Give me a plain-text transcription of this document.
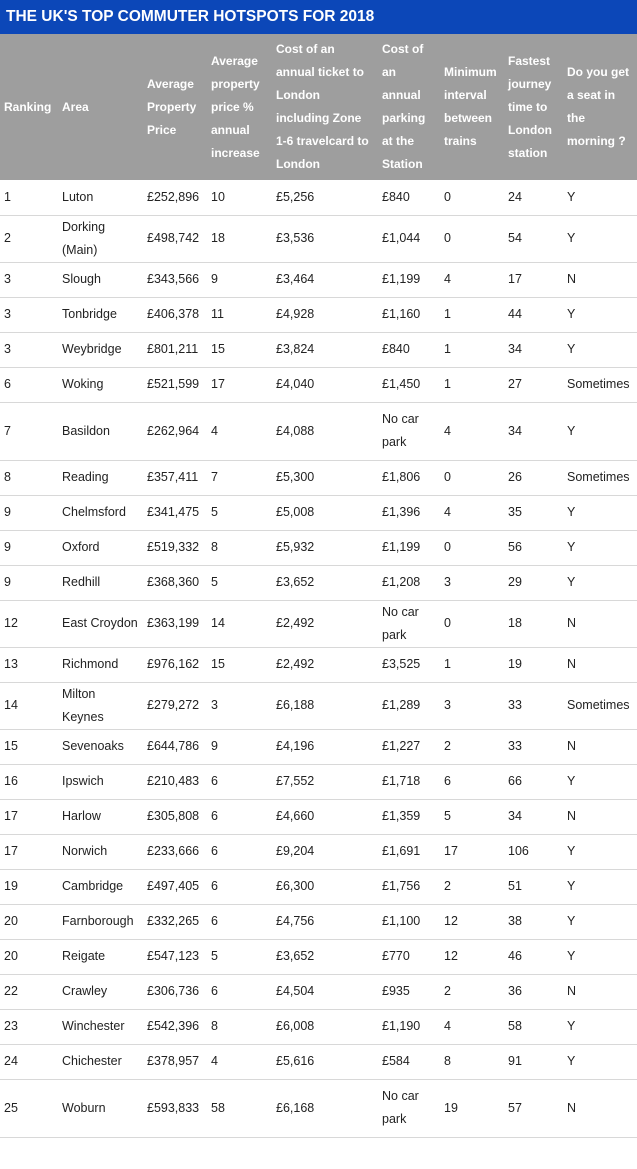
THE UK'S TOP COMMUTER HOTSPOTS FOR 2018
Ranking	Area	Average Property Price	Average property price % annual increase	Cost of an annual ticket to London including Zone 1-6 travelcard to London	Cost of an annual parking at the Station	Minimum interval between trains	Fastest journey time to London station	Do you get a seat in the morning ?
1	Luton	£252,896	10	£5,256	£840	0	24	Y
2	Dorking (Main)	£498,742	18	£3,536	£1,044	0	54	Y
3	Slough	£343,566	9	£3,464	£1,199	4	17	N
3	Tonbridge	£406,378	11	£4,928	£1,160	1	44	Y
3	Weybridge	£801,211	15	£3,824	£840	1	34	Y
6	Woking	£521,599	17	£4,040	£1,450	1	27	Sometimes
7	Basildon	£262,964	4	£4,088	No car park	4	34	Y
8	Reading	£357,411	7	£5,300	£1,806	0	26	Sometimes
9	Chelmsford	£341,475	5	£5,008	£1,396	4	35	Y
9	Oxford	£519,332	8	£5,932	£1,199	0	56	Y
9	Redhill	£368,360	5	£3,652	£1,208	3	29	Y
12	East Croydon	£363,199	14	£2,492	No car park	0	18	N
13	Richmond	£976,162	15	£2,492	£3,525	1	19	N
14	Milton Keynes	£279,272	3	£6,188	£1,289	3	33	Sometimes
15	Sevenoaks	£644,786	9	£4,196	£1,227	2	33	N
16	Ipswich	£210,483	6	£7,552	£1,718	6	66	Y
17	Harlow	£305,808	6	£4,660	£1,359	5	34	N
17	Norwich	£233,666	6	£9,204	£1,691	17	106	Y
19	Cambridge	£497,405	6	£6,300	£1,756	2	51	Y
20	Farnborough	£332,265	6	£4,756	£1,100	12	38	Y
20	Reigate	£547,123	5	£3,652	£770	12	46	Y
22	Crawley	£306,736	6	£4,504	£935	2	36	N
23	Winchester	£542,396	8	£6,008	£1,190	4	58	Y
24	Chichester	£378,957	4	£5,616	£584	8	91	Y
25	Woburn	£593,833	58	£6,168	No car park	19	57	N
